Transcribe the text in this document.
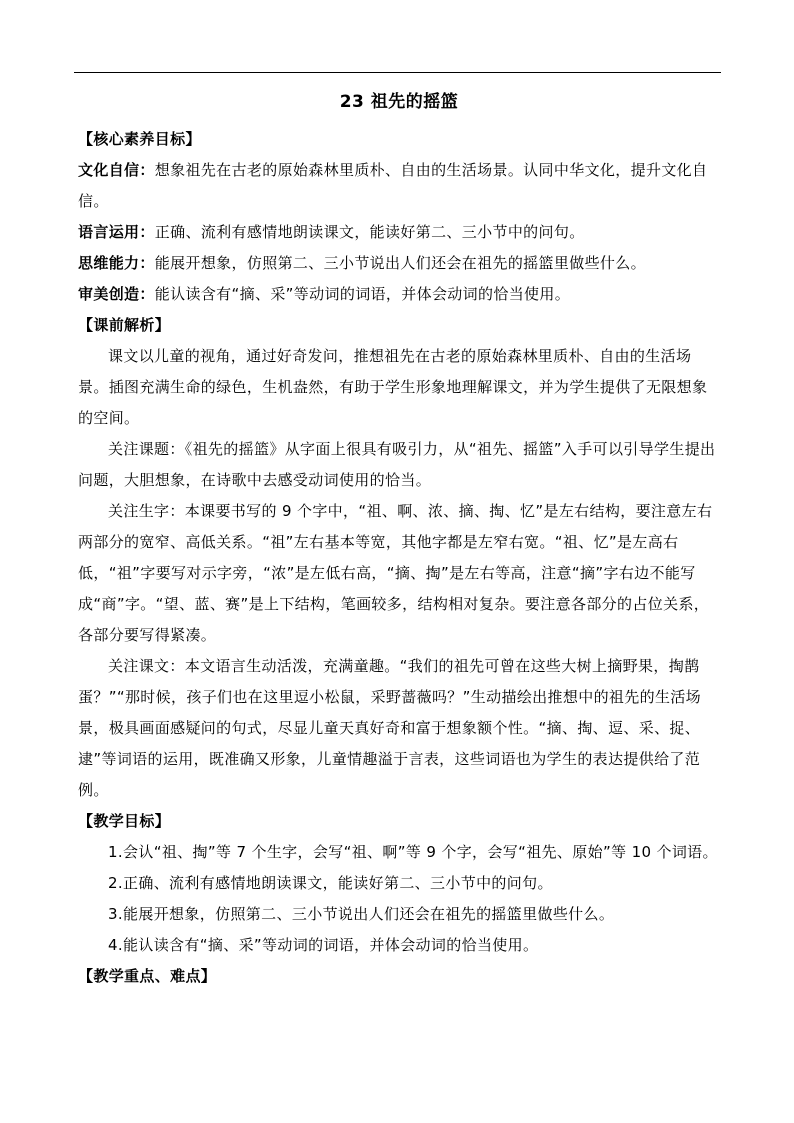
23 祖先的摇篮

【核心素养目标】

文化自信：想象祖先在古老的原始森林里质朴、自由的生活场景。认同中华文化，提升文化自信。

语言运用：正确、流利有感情地朗读课文，能读好第二、三小节中的问句。

思维能力：能展开想象，仿照第二、三小节说出人们还会在祖先的摇篮里做些什么。

审美创造：能认读含有“摘、采”等动词的词语，并体会动词的恰当使用。

【课前解析】

课文以儿童的视角，通过好奇发问，推想祖先在古老的原始森林里质朴、自由的生活场景。插图充满生命的绿色，生机盎然，有助于学生形象地理解课文，并为学生提供了无限想象的空间。

关注课题：《祖先的摇篮》从字面上很具有吸引力，从“祖先、摇篮”入手可以引导学生提出问题，大胆想象，在诗歌中去感受动词使用的恰当。

关注生字：本课要书写的 9 个字中，“祖、啊、浓、摘、掏、忆”是左右结构，要注意左右两部分的宽窄、高低关系。“祖”左右基本等宽，其他字都是左窄右宽。“祖、忆”是左高右低，“祖”字要写对示字旁，“浓”是左低右高，“摘、掏”是左右等高，注意“摘”字右边不能写成“商”字。“望、蓝、赛”是上下结构，笔画较多，结构相对复杂。要注意各部分的占位关系，各部分要写得紧凑。

关注课文：本文语言生动活泼，充满童趣。“我们的祖先可曾在这些大树上摘野果，掏鹊蛋？”“那时候，孩子们也在这里逗小松鼠，采野蔷薇吗？”生动描绘出推想中的祖先的生活场景，极具画面感疑问的句式，尽显儿童天真好奇和富于想象额个性。“摘、掏、逗、采、捉、逮”等词语的运用，既准确又形象，儿童情趣溢于言表，这些词语也为学生的表达提供给了范例。

【教学目标】

1.会认“祖、掏”等 7 个生字，会写“祖、啊”等 9 个字，会写“祖先、原始”等 10 个词语。

2.正确、流利有感情地朗读课文，能读好第二、三小节中的问句。

3.能展开想象，仿照第二、三小节说出人们还会在祖先的摇篮里做些什么。

4.能认读含有“摘、采”等动词的词语，并体会动词的恰当使用。

【教学重点、难点】
